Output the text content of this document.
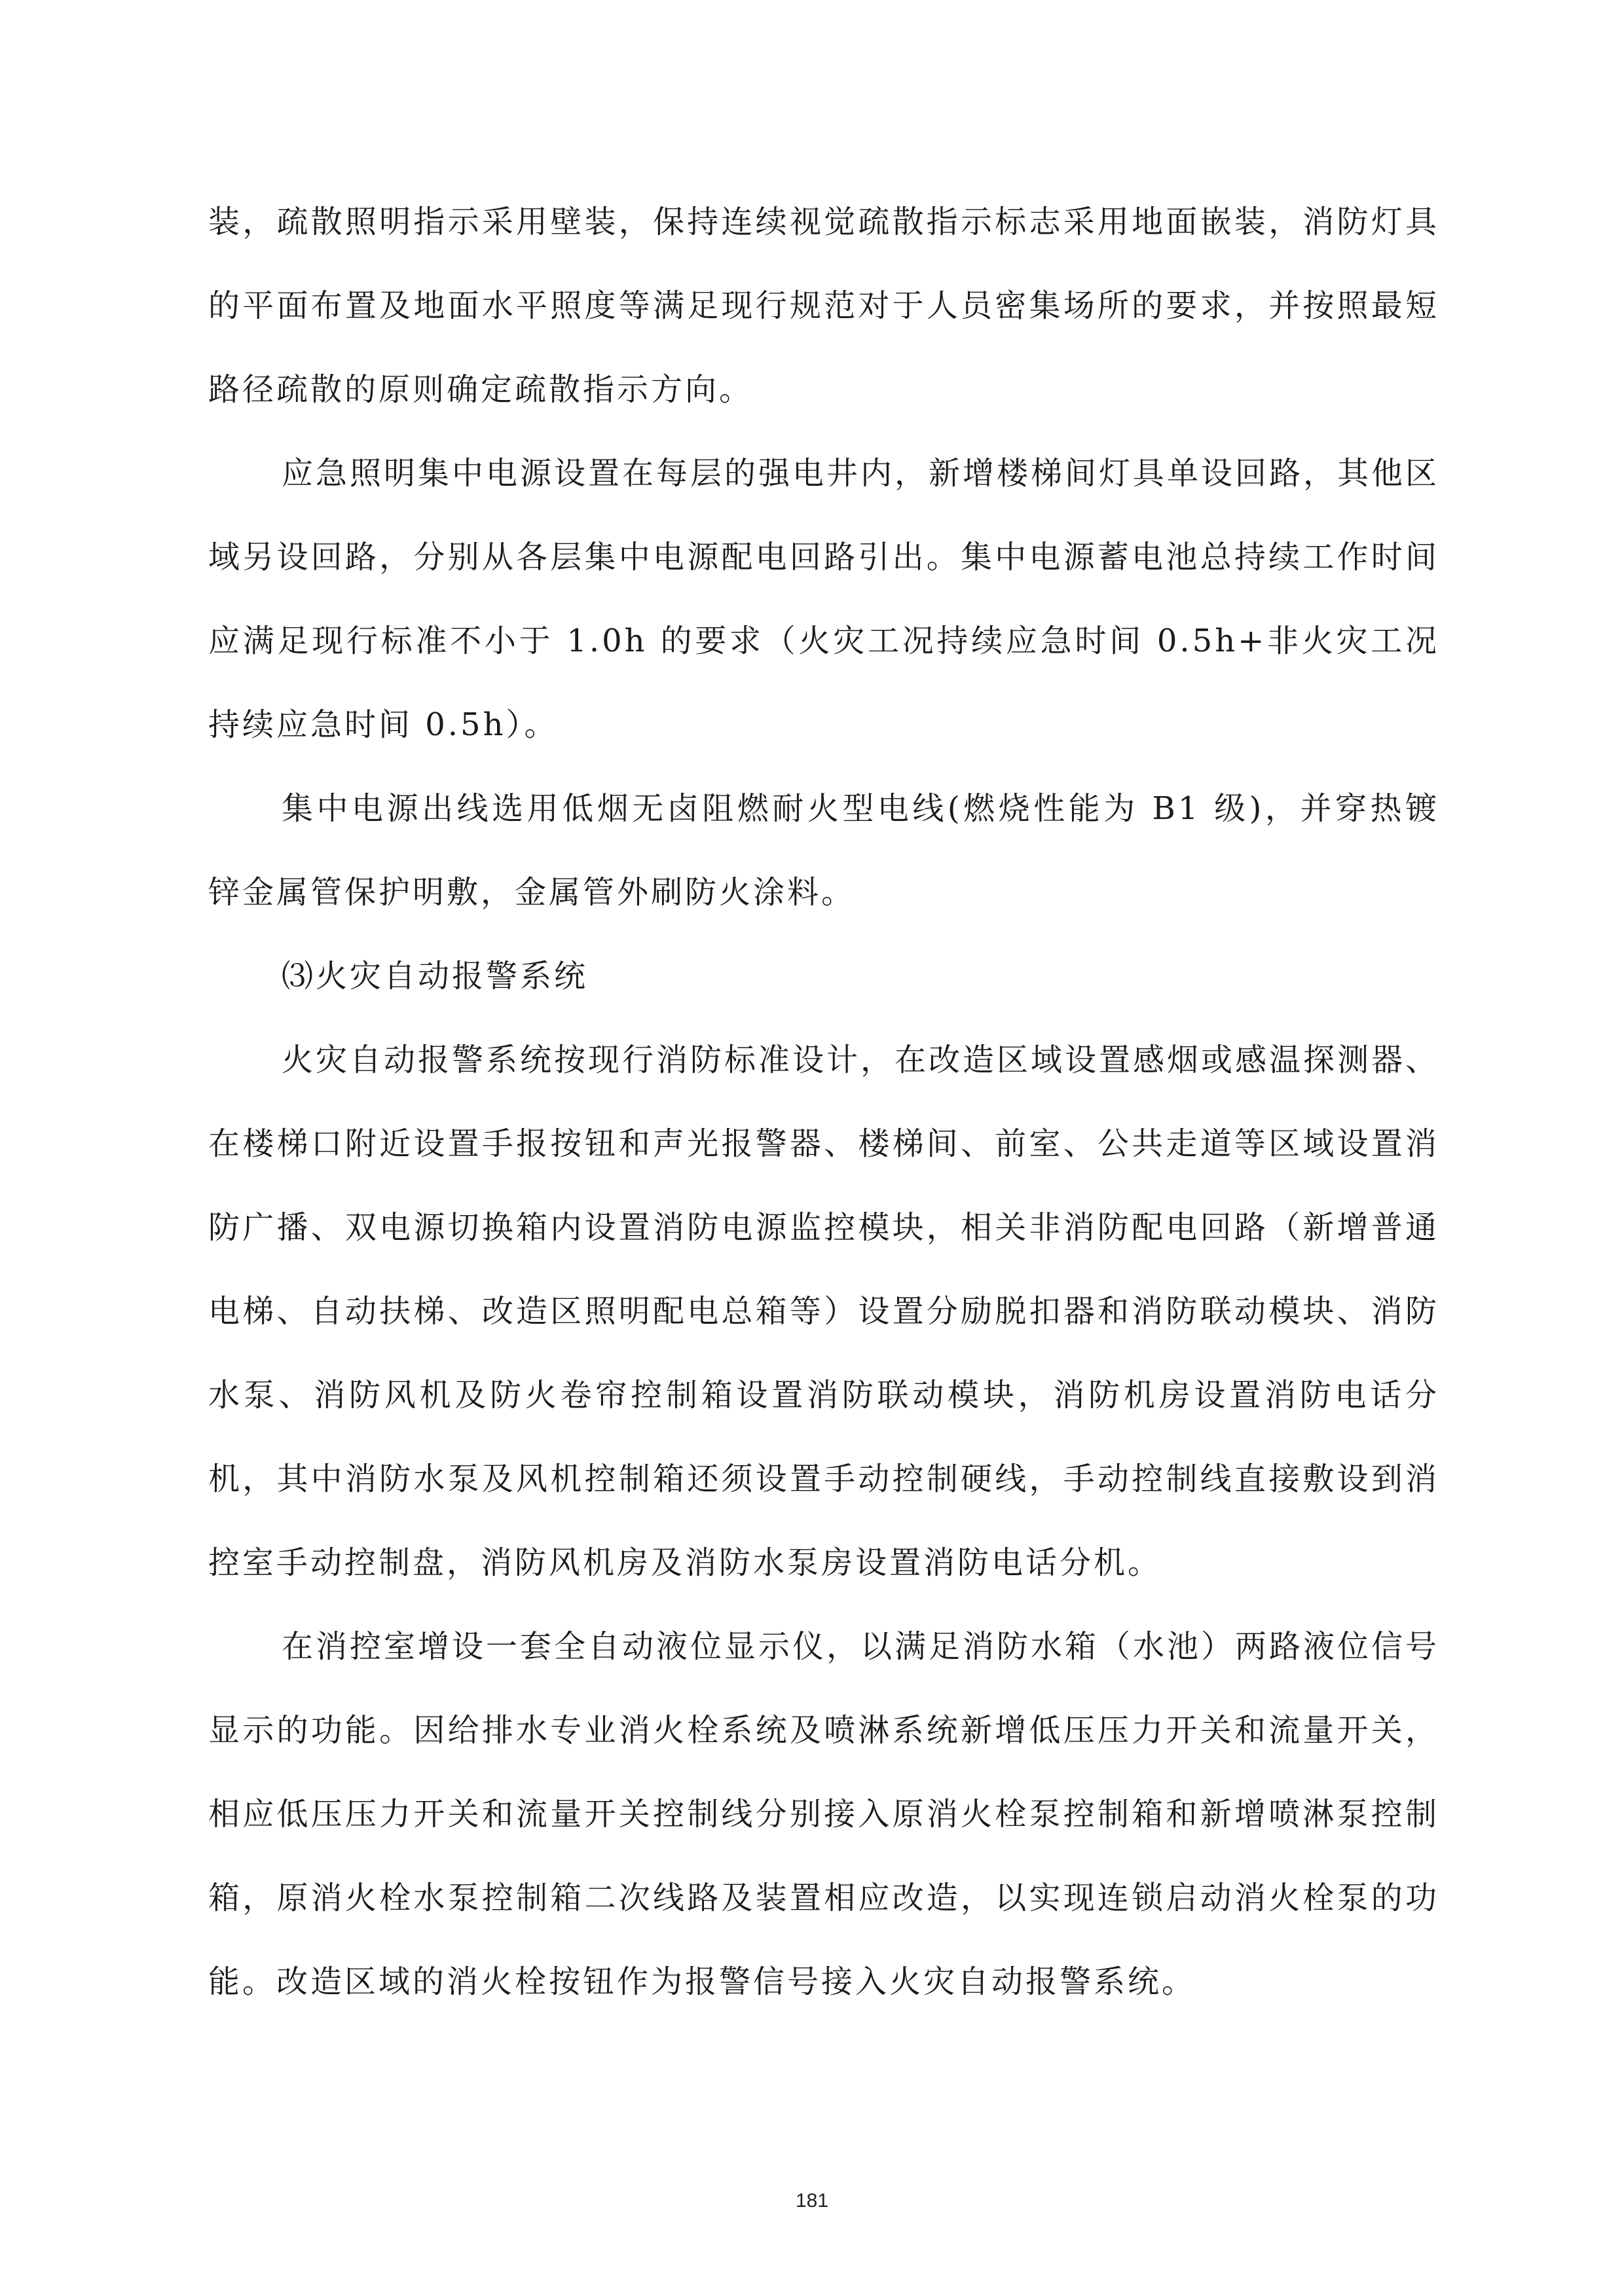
装，疏散照明指示采用壁装，保持连续视觉疏散指示标志采用地面嵌装，消防灯具的平面布置及地面水平照度等满足现行规范对于人员密集场所的要求，并按照最短路径疏散的原则确定疏散指示方向。

应急照明集中电源设置在每层的强电井内，新增楼梯间灯具单设回路，其他区域另设回路，分别从各层集中电源配电回路引出。集中电源蓄电池总持续工作时间应满足现行标准不小于 1.0h 的要求（火灾工况持续应急时间 0.5h+非火灾工况持续应急时间 0.5h）。

集中电源出线选用低烟无卤阻燃耐火型电线(燃烧性能为 B1 级)，并穿热镀锌金属管保护明敷，金属管外刷防火涂料。

⑶火灾自动报警系统

火灾自动报警系统按现行消防标准设计，在改造区域设置感烟或感温探测器、在楼梯口附近设置手报按钮和声光报警器、楼梯间、前室、公共走道等区域设置消防广播、双电源切换箱内设置消防电源监控模块，相关非消防配电回路（新增普通电梯、自动扶梯、改造区照明配电总箱等）设置分励脱扣器和消防联动模块、消防水泵、消防风机及防火卷帘控制箱设置消防联动模块，消防机房设置消防电话分机，其中消防水泵及风机控制箱还须设置手动控制硬线，手动控制线直接敷设到消控室手动控制盘，消防风机房及消防水泵房设置消防电话分机。

在消控室增设一套全自动液位显示仪，以满足消防水箱（水池）两路液位信号显示的功能。因给排水专业消火栓系统及喷淋系统新增低压压力开关和流量开关，相应低压压力开关和流量开关控制线分别接入原消火栓泵控制箱和新增喷淋泵控制箱，原消火栓水泵控制箱二次线路及装置相应改造，以实现连锁启动消火栓泵的功能。改造区域的消火栓按钮作为报警信号接入火灾自动报警系统。

181
